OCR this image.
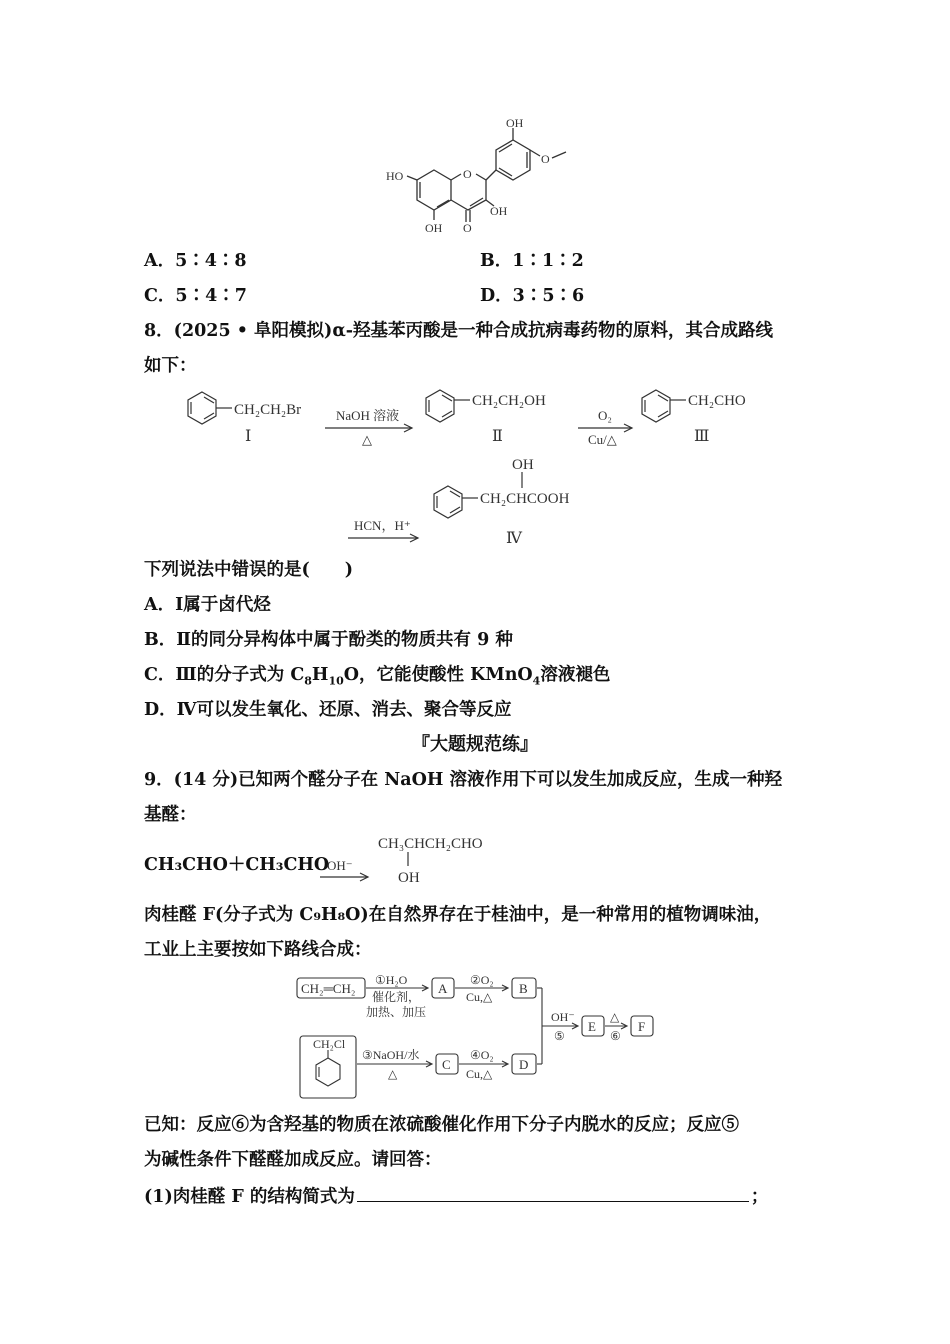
OH
HO	O
O
OH
OH O
A．5∶4∶8	B．1∶1∶2
C．5∶4∶7	D．3∶5∶6
8．(2025 • 阜阳模拟)α-羟基苯丙酸是一种合成抗病毒药物的原料，其合成路线
如下：
CH₂CH₂Br
Ⅰ
NaOH 溶液
△
CH₂CH₂OH
Ⅱ
O₂
Cu/△
CH₂CHO
Ⅲ
OH
CH₂CHCOOH
HCN，H⁺
Ⅳ
下列说法中错误的是(　　)
A．Ⅰ属于卤代烃
B．Ⅱ的同分异构体中属于酚类的物质共有 9 种
C．Ⅲ的分子式为 $C_8H_{10}O$，它能使酸性 KMnO$_4$溶液褪色
D．Ⅳ可以发生氧化、还原、消去、聚合等反应
『大题规范练』
9．(14 分)已知两个醛分子在 NaOH 溶液作用下可以发生加成反应，生成一种羟
基醛：
CH₃CHO＋CH₃CHO
OH⁻
CH₃CHCH₂CHO
OH
肉桂醛 F(分子式为 C₉H₈O)在自然界存在于桂油中，是一种常用的植物调味油，
工业上主要按如下路线合成：
CH₂═CH₂
①H₂O
催化剂，
加热、加压
A
②O₂
Cu,△
B
CH₂Cl
③NaOH/水
△
C
④O₂
Cu,△
D
OH⁻
⑤
E
△
⑥
F
已知：反应⑥为含羟基的物质在浓硫酸催化作用下分子内脱水的反应；反应⑤
为碱性条件下醛醛加成反应。请回答：
(1)肉桂醛 F 的结构简式为	；
